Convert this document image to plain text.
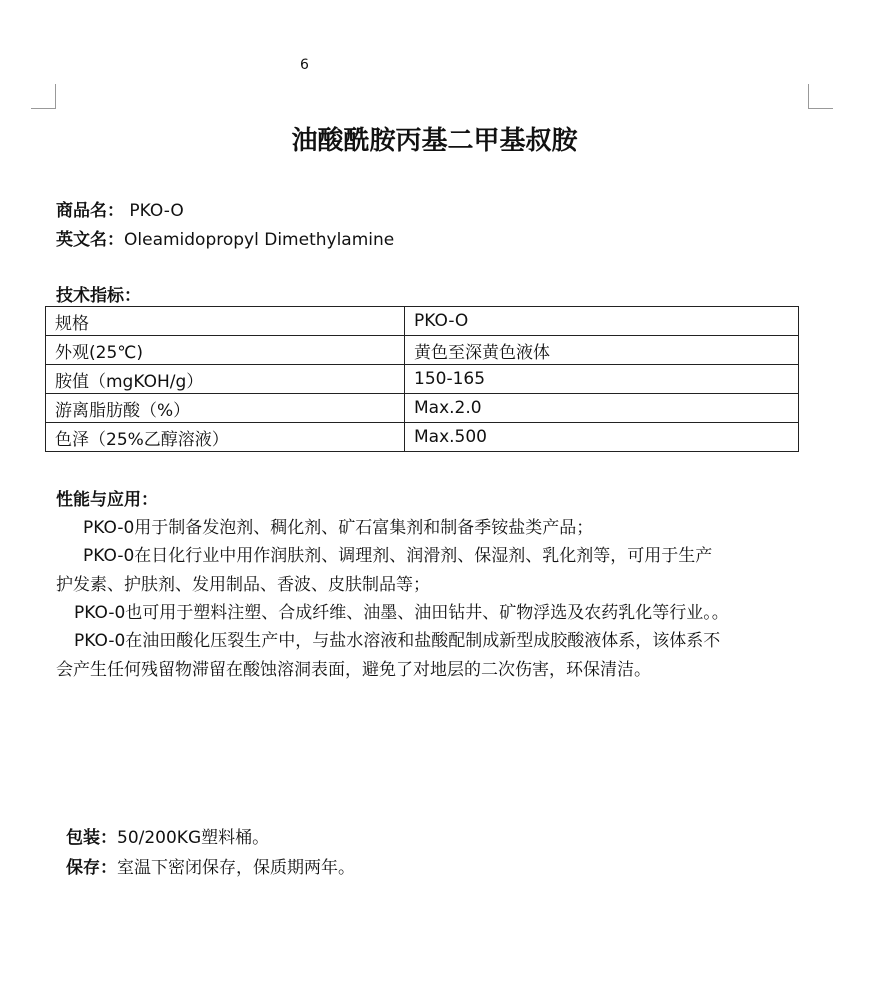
6
油酸酰胺丙基二甲基叔胺
商品名： PKO-O
英文名：Oleamidopropyl Dimethylamine
技术指标：
规格	PKO-O
外观(25℃)	黄色至深黄色液体
胺值（mgKOH/g）	150-165
游离脂肪酸（%）	Max.2.0
色泽（25%乙醇溶液）	Max.500
性能与应用：
PKO-0用于制备发泡剂、稠化剂、矿石富集剂和制备季铵盐类产品；
PKO-0在日化行业中用作润肤剂、调理剂、润滑剂、保湿剂、乳化剂等，可用于生产
护发素、护肤剂、发用制品、香波、皮肤制品等；
PKO-0也可用于塑料注塑、合成纤维、油墨、油田钻井、矿物浮选及农药乳化等行业。。
PKO-0在油田酸化压裂生产中，与盐水溶液和盐酸配制成新型成胶酸液体系，该体系不
会产生任何残留物滞留在酸蚀溶洞表面，避免了对地层的二次伤害，环保清洁。
包装：50/200KG塑料桶。
保存：室温下密闭保存，保质期两年。
